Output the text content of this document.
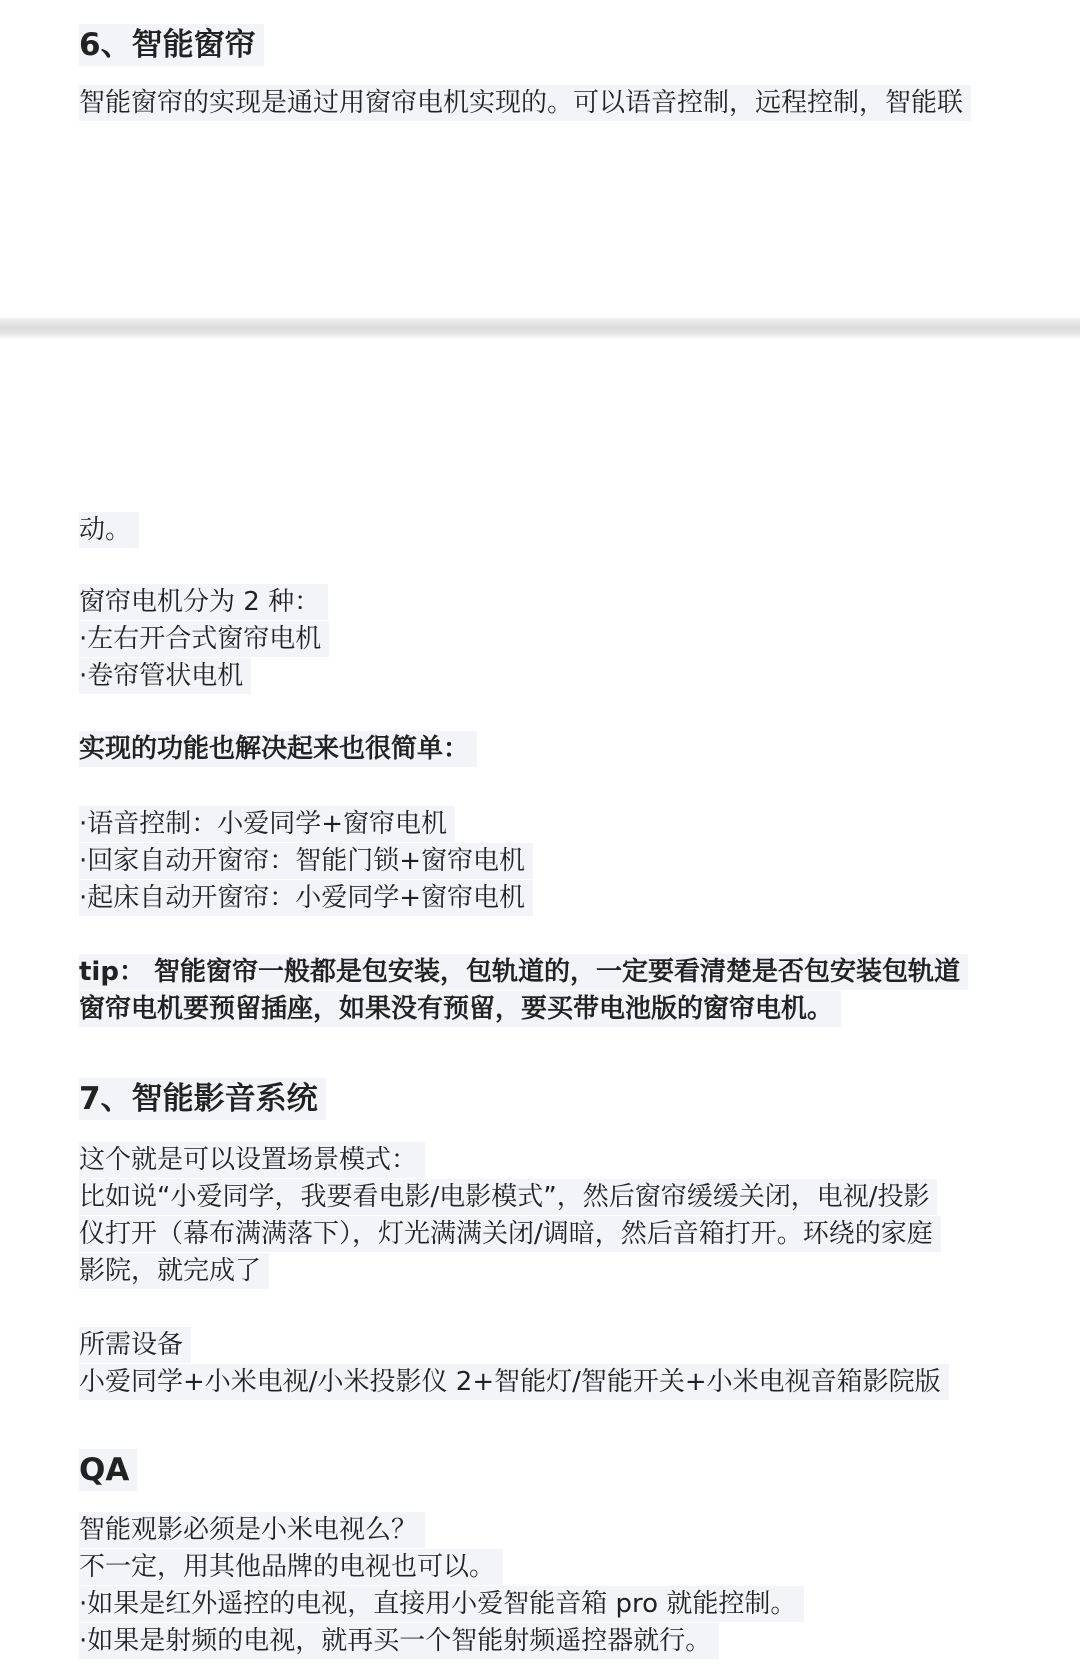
6、智能窗帘
智能窗帘的实现是通过用窗帘电机实现的。可以语音控制，远程控制，智能联
动。
窗帘电机分为 2 种：
·左右开合式窗帘电机
·卷帘管状电机
实现的功能也解决起来也很简单：
·语音控制：小爱同学+窗帘电机
·回家自动开窗帘：智能门锁+窗帘电机
·起床自动开窗帘：小爱同学+窗帘电机
tip： 智能窗帘一般都是包安装，包轨道的，一定要看清楚是否包安装包轨道
窗帘电机要预留插座，如果没有预留，要买带电池版的窗帘电机。
7、智能影音系统
这个就是可以设置场景模式：
比如说“小爱同学，我要看电影/电影模式”，然后窗帘缓缓关闭，电视/投影
仪打开（幕布满满落下），灯光满满关闭/调暗，然后音箱打开。环绕的家庭
影院，就完成了
所需设备
小爱同学+小米电视/小米投影仪 2+智能灯/智能开关+小米电视音箱影院版
QA
智能观影必须是小米电视么？
不一定，用其他品牌的电视也可以。
·如果是红外遥控的电视，直接用小爱智能音箱 pro 就能控制。
·如果是射频的电视，就再买一个智能射频遥控器就行。
